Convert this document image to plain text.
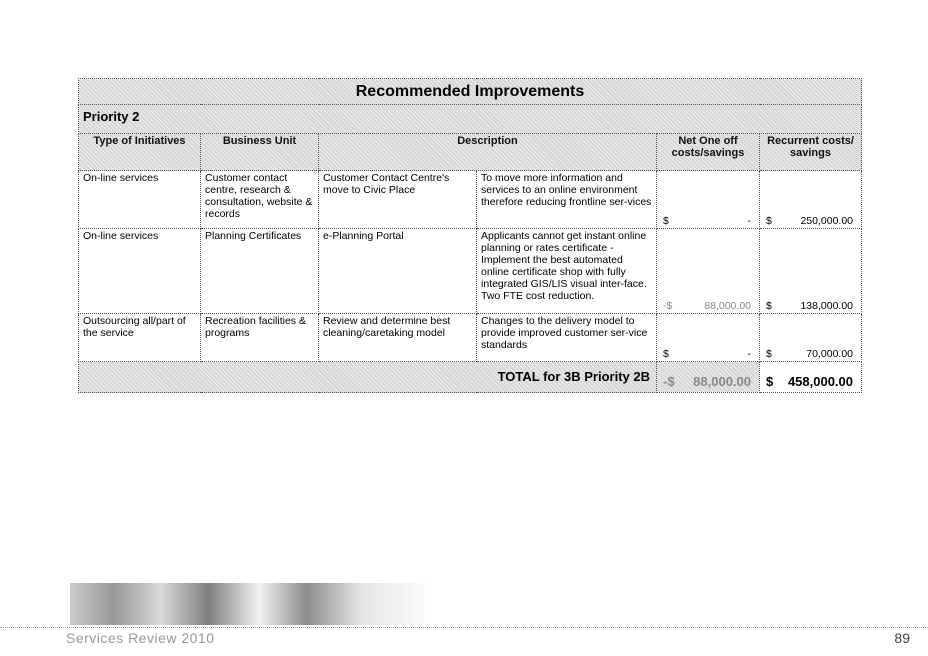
Recommended Improvements					
Priority 2					
Type of Initiatives	Business Unit	Description		Net One off costs/savings	Recurrent costs/ savings
On-line services	Customer contact centre, research & consultation, website & records	Customer Contact Centre's move to Civic Place	To move more information and services to an online environment therefore reducing frontline ser-vices	$ -	$ 250,000.00

On-line services	Planning Certificates	e-Planning Portal	Applicants cannot get instant online planning or rates certificate - Implement the best automated online certificate shop with fully integrated GIS/LIS visual inter-face. Two FTE cost reduction.	-$ 88,000.00	$ 138,000.00

Outsourcing all/part of the service	Recreation facilities & programs	Review and determine best cleaning/caretaking model	Changes to the delivery model to provide improved customer ser-vice standards	$ -	$ 70,000.00

TOTAL for 3B Priority 2B				-$ 88,000.00	$ 458,000.00
Services Review 2010	89
